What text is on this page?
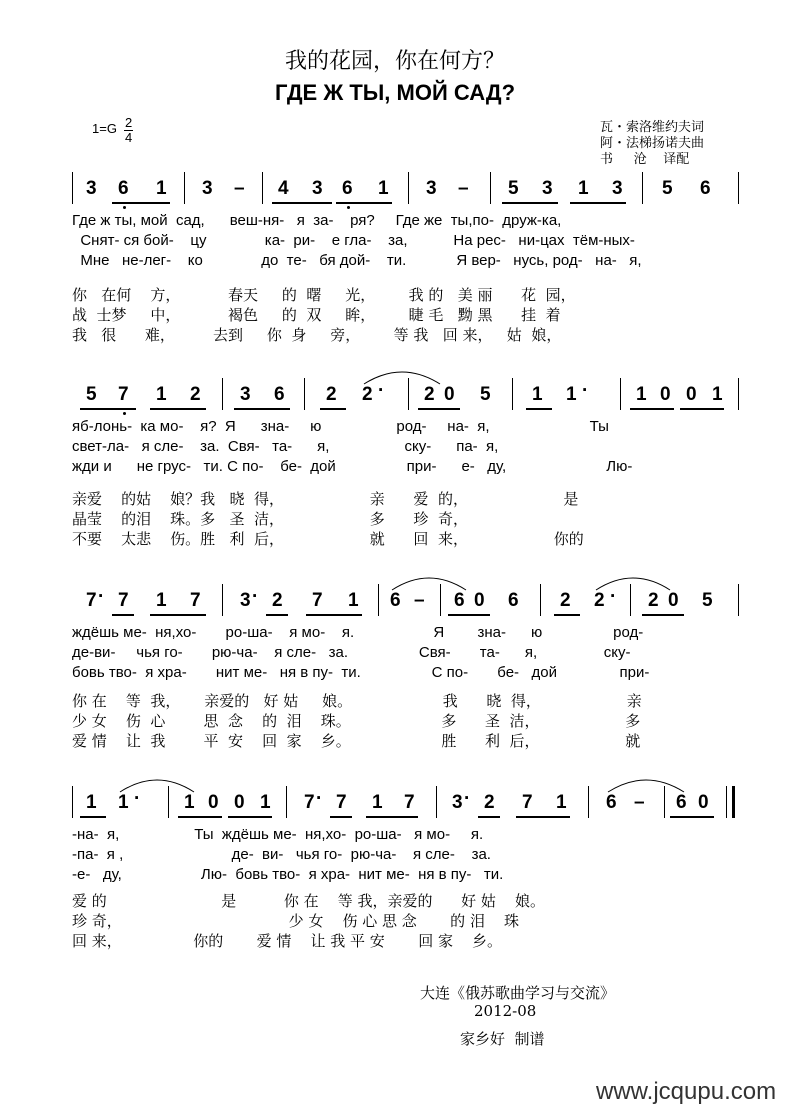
我的花园，你在何方？
ГДЕ Ж ТЫ, МОЙ САД?
$1=G \frac{2}{4}$	瓦・索洛维约夫词
阿・法梯扬诺夫曲
书     沧    译配
3 6 1 3 – 4 3 6 1 3 – 5 3 1 3 5 6
Где ж ты, мой  сад,      веш-ня-   я  за-    ря?     Где же  ты,по-  друж-ка,
Снят- ся бой-    цу              ка-  ри-    е гла-    за,           На рес-   ни-цах  тём-ных-
Мне   не-лег-    ко              до  те-   бя дой-    ти.            Я вер-   нусь, род-   на-   я,
你   在何    方，          春天     的  曙     光，       我 的   美 丽      花  园，
战  士梦     中，          褐色     的  双     眸，       睫 毛   黝 黑      挂  着
我   很      难，        去到     你  身     旁，       等 我   回 来，   姑  娘，
5 7 1 2 3 6 2 2 · 2 0 5 1 1 ·	1 0 0 1
яб-лонь-  ка мо-    я?  Я      зна-     ю                  род-     на-  я,                        Ты
свет-ла-   я сле-    за.  Свя-   та-      я,                  ску-      па-  я,
жди и      не грус-   ти. С по-    бе-  дой                 при-      е-   ду,                        Лю-
亲爱    的姑    娘？我   晓  得，                  亲      爱  的，                    是
晶莹    的泪    珠。多   圣  洁，                  多      珍  奇，
不要    太悲    伤。胜   利  后，                  就      回  来，                  你的
7 · 7 1 7 3 · 2 7 1 6 – 6 0 6 2 2 · 2 0 5
ждёшь ме-  ня,хо-       ро-ша-    я мо-    я.                   Я        зна-      ю                 род-
де-ви-     чья го-       рю-ча-    я сле-   за.                 Свя-       та-      я,                ску-
бовь тво-  я хра-       нит ме-   ня в пу-  ти.                 С по-       бе-   дой               при-
你 在    等  我，     亲爱的   好 姑     娘。                   我      晓  得，                  亲
少 女    伤  心        思  念    的  泪    珠。                   多      圣  洁，                  多
爱 情    让  我        平  安    回  家    乡。                   胜      利  后，                  就
1 1 · 1 0 0 1 7 · 7 1 7 3 · 2 7 1 6 – 6 0
-на-  я,                  Ты  ждёшь ме-  ня,хо-  ро-ша-   я мо-     я.
-па-  я ,                          де-  ви-   чья го-  рю-ча-    я сле-    за.
-е-   ду,                   Лю-  бовь тво-  я хра-  нит ме-  ня в пу-   ти.
爱 的                        是          你 在    等 我，亲爱的      好 姑    娘。
珍 奇，                                   少 女    伤 心 思 念       的 泪    珠
回 来，               你的       爱 情    让 我 平 安       回 家    乡。
大连《俄苏歌曲学习与交流》
2012-08
家乡好  制谱
www.jcqupu.com
